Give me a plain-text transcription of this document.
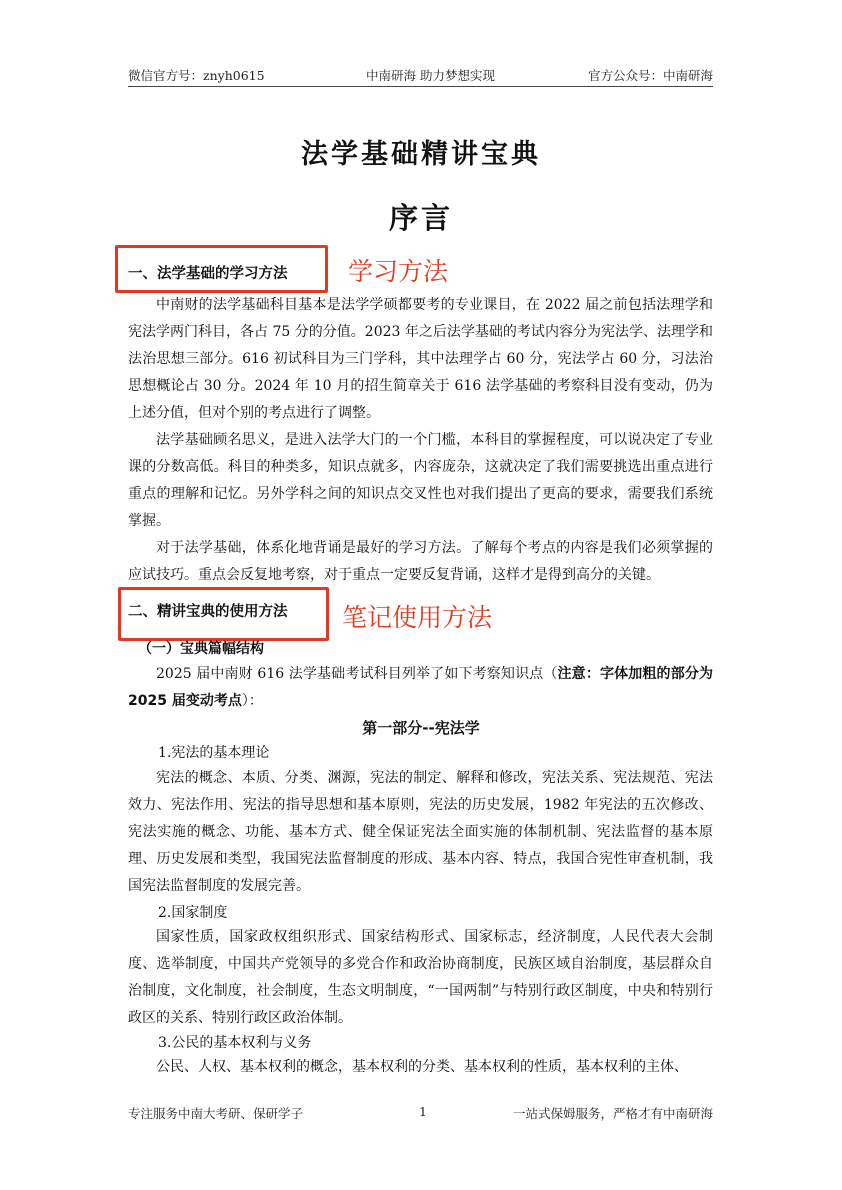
微信官方号：znyh0615	中南研海 助力梦想实现	官方公众号：中南研海
法学基础精讲宝典
序言
一、法学基础的学习方法 学习方法

中南财的法学基础科目基本是法学学硕都要考的专业课目，在 2022 届之前包括法理学和宪法学两门科目，各占 75 分的分值。2023 年之后法学基础的考试内容分为宪法学、法理学和法治思想三部分。616 初试科目为三门学科，其中法理学占 60 分，宪法学占 60 分，习法治思想概论占 30 分。2024 年 10 月的招生简章关于 616 法学基础的考察科目没有变动，仍为上述分值，但对个别的考点进行了调整。

法学基础顾名思义，是进入法学大门的一个门槛，本科目的掌握程度，可以说决定了专业课的分数高低。科目的种类多，知识点就多，内容庞杂，这就决定了我们需要挑选出重点进行重点的理解和记忆。另外学科之间的知识点交叉性也对我们提出了更高的要求，需要我们系统掌握。

对于法学基础，体系化地背诵是最好的学习方法。了解每个考点的内容是我们必须掌握的应试技巧。重点会反复地考察，对于重点一定要反复背诵，这样才是得到高分的关键。

二、精讲宝典的使用方法 笔记使用方法
（一）宝典篇幅结构

2025 届中南财 616 法学基础考试科目列举了如下考察知识点（注意：字体加粗的部分为 2025 届变动考点）：

第一部分--宪法学
1.宪法的基本理论

宪法的概念、本质、分类、渊源，宪法的制定、解释和修改，宪法关系、宪法规范、宪法效力、宪法作用、宪法的指导思想和基本原则，宪法的历史发展，1982 年宪法的五次修改、宪法实施的概念、功能、基本方式、健全保证宪法全面实施的体制机制、宪法监督的基本原理、历史发展和类型，我国宪法监督制度的形成、基本内容、特点，我国合宪性审查机制，我国宪法监督制度的发展完善。

2.国家制度

国家性质，国家政权组织形式、国家结构形式、国家标志，经济制度，人民代表大会制度、选举制度，中国共产党领导的多党合作和政治协商制度，民族区域自治制度，基层群众自治制度，文化制度，社会制度，生态文明制度，“一国两制”与特别行政区制度，中央和特别行政区的关系、特别行政区政治体制。

3.公民的基本权利与义务

公民、人权、基本权利的概念，基本权利的分类、基本权利的性质，基本权利的主体、

专注服务中南大考研、保研学子	1	一站式保姆服务，严格才有中南研海
